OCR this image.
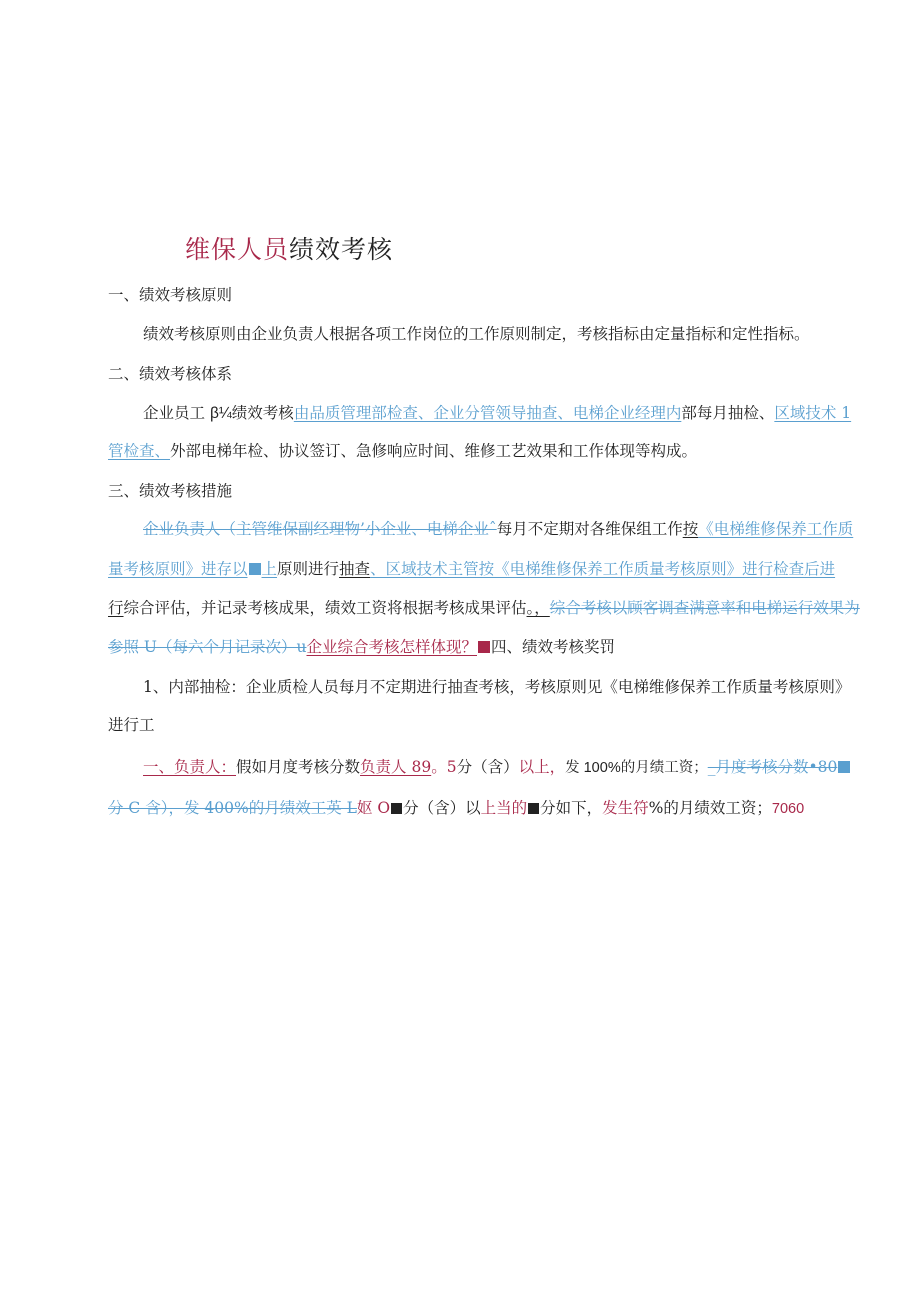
维保人员绩效考核
一、绩效考核原则
绩效考核原则由企业负责人根据各项工作岗位的工作原则制定，考核指标由定量指标和定性指标。
二、绩效考核体系
企业员工 β¼绩效考核由品质管理部检查、企业分管领导抽查、电梯企业经理内部每月抽检、区域技术 1
管检查、外部电梯年检、协议签订、急修响应时间、维修工艺效果和工作体现等构成。
三、绩效考核措施
企业负责人（主管维保副经理物’小企业、电梯企业ˆ每月不定期对各维保组工作按《电梯维修保养工作质
量考核原则》进存以 上原则进行抽查、区域技术主管按《电梯维修保养工作质量考核原则》进行检查后进
行综合评估，并记录考核成果，绩效工资将根据考核成果评估。，综合考核以顾客调查满意率和电梯运行效果为
参照 U（每六个月记录次）u企业综合考核怎样体现？ 四、绩效考核奖罚
1、内部抽检：企业质检人员每月不定期进行抽查考核，考核原则见《电梯维修保养工作质量考核原则》
进行工
一、负责人：假如月度考核分数负责人 89。5分（含）以上，发 100%的月绩工资；_月度考核分数•80
分 C 含），发 400%的月绩效工英 L妪 O 分（含）以上当的 分如下，发生符%的月绩效工资；7060
